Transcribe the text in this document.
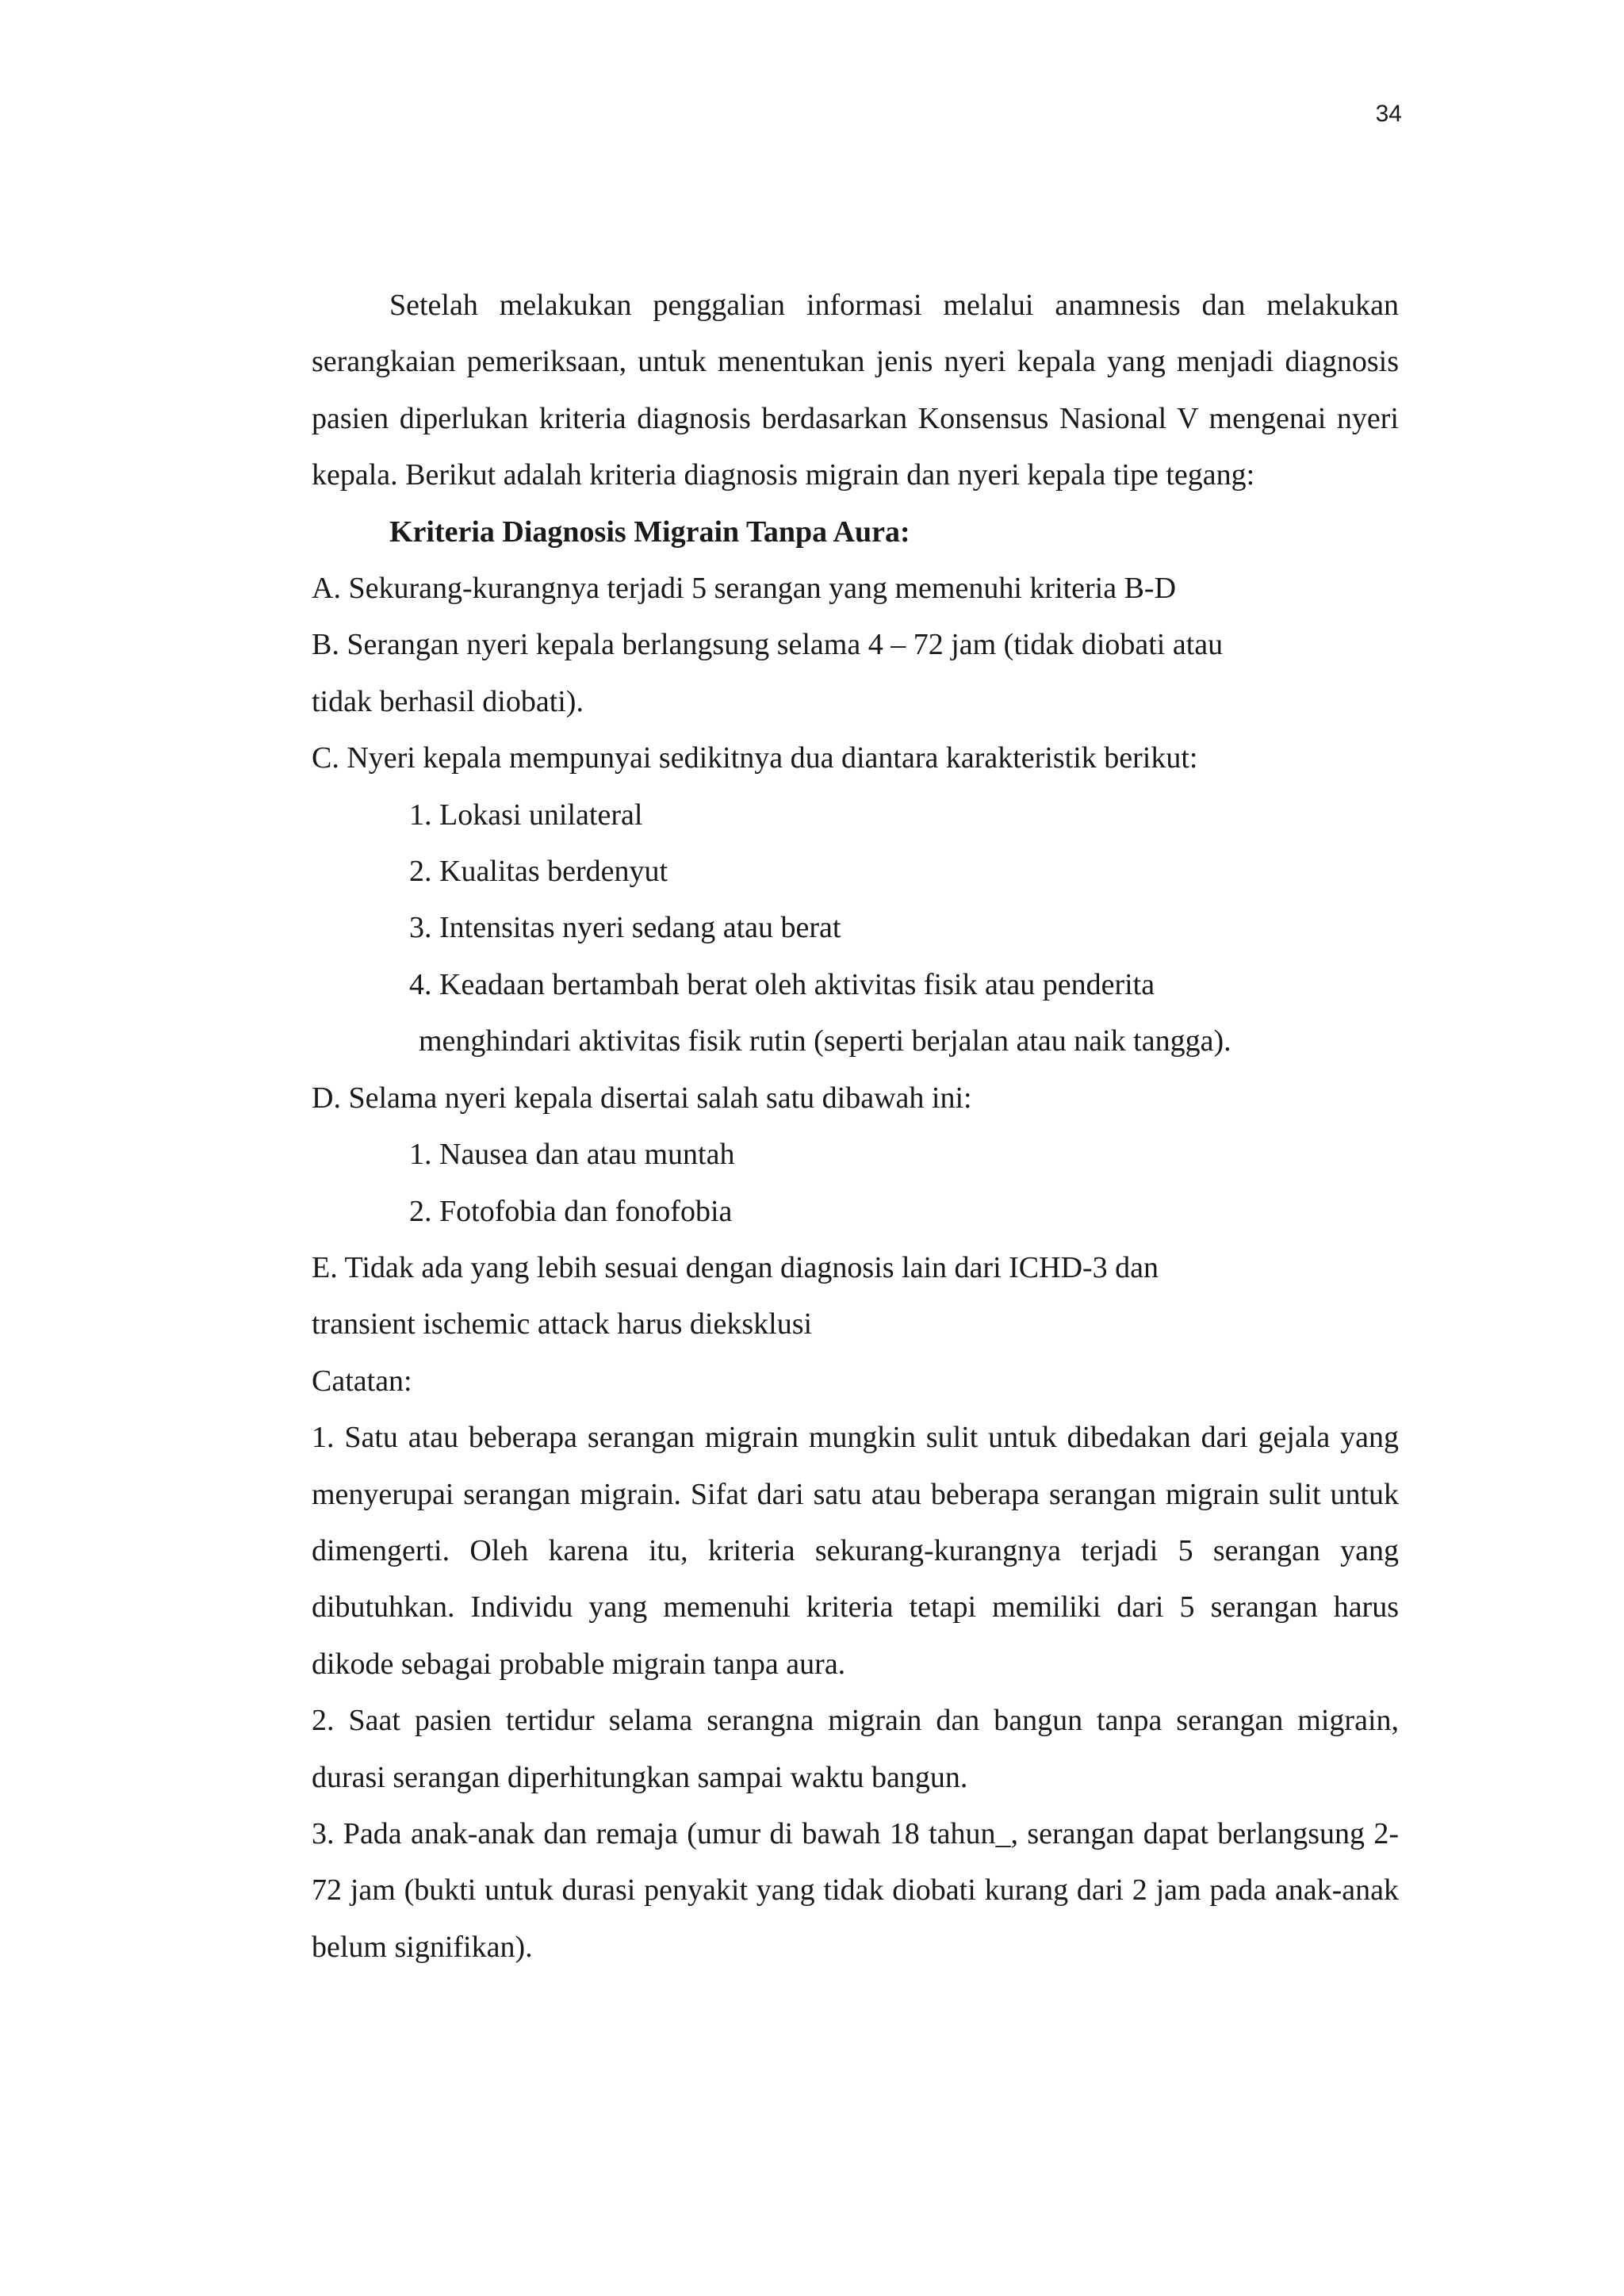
34

Setelah melakukan penggalian informasi melalui anamnesis dan melakukan serangkaian pemeriksaan, untuk menentukan jenis nyeri kepala yang menjadi diagnosis pasien diperlukan kriteria diagnosis berdasarkan Konsensus Nasional V mengenai nyeri kepala. Berikut adalah kriteria diagnosis migrain dan nyeri kepala tipe tegang:

Kriteria Diagnosis Migrain Tanpa Aura:

A. Sekurang-kurangnya terjadi 5 serangan yang memenuhi kriteria B-D

B. Serangan nyeri kepala berlangsung selama 4 – 72 jam (tidak diobati atau

tidak berhasil diobati).

C. Nyeri kepala mempunyai sedikitnya dua diantara karakteristik berikut:

1. Lokasi unilateral

2. Kualitas berdenyut

3. Intensitas nyeri sedang atau berat

4. Keadaan bertambah berat oleh aktivitas fisik atau penderita

menghindari aktivitas fisik rutin (seperti berjalan atau naik tangga).

D. Selama nyeri kepala disertai salah satu dibawah ini:

1. Nausea dan atau muntah

2. Fotofobia dan fonofobia

E. Tidak ada yang lebih sesuai dengan diagnosis lain dari ICHD-3 dan

transient ischemic attack harus dieksklusi

Catatan:

1. Satu atau beberapa serangan migrain mungkin sulit untuk dibedakan dari gejala yang menyerupai serangan migrain. Sifat dari satu atau beberapa serangan migrain sulit untuk dimengerti. Oleh karena itu, kriteria sekurang-kurangnya terjadi 5 serangan yang dibutuhkan. Individu yang memenuhi kriteria tetapi memiliki dari 5 serangan harus dikode sebagai probable migrain tanpa aura.

2. Saat pasien tertidur selama serangna migrain dan bangun tanpa serangan migrain, durasi serangan diperhitungkan sampai waktu bangun.

3. Pada anak-anak dan remaja (umur di bawah 18 tahun_, serangan dapat berlangsung 2-72 jam (bukti untuk durasi penyakit yang tidak diobati kurang dari 2 jam pada anak-anak belum signifikan).
